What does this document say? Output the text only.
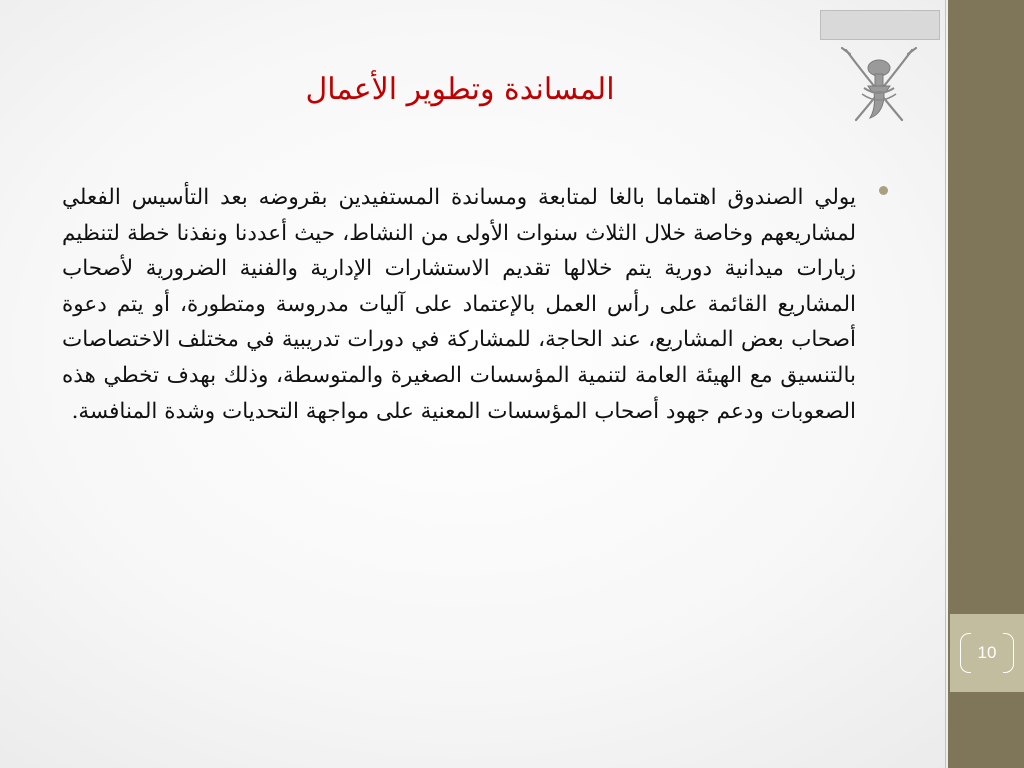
10
المساندة وتطوير الأعمال

يولي الصندوق اهتماما بالغا لمتابعة ومساندة المستفيدين بقروضه بعد التأسيس الفعلي لمشاريعهم وخاصة خلال الثلاث سنوات الأولى من النشاط، حيث أعددنا ونفذنا خطة لتنظيم زيارات ميدانية دورية يتم خلالها تقديم الاستشارات الإدارية والفنية الضرورية لأصحاب المشاريع القائمة على رأس العمل بالإعتماد على آليات مدروسة ومتطورة، أو يتم دعوة أصحاب بعض المشاريع، عند الحاجة، للمشاركة في دورات تدريبية في مختلف الاختصاصات بالتنسيق مع الهيئة العامة لتنمية المؤسسات الصغيرة والمتوسطة، وذلك بهدف تخطي هذه الصعوبات ودعم جهود أصحاب المؤسسات المعنية على مواجهة التحديات وشدة المنافسة.
